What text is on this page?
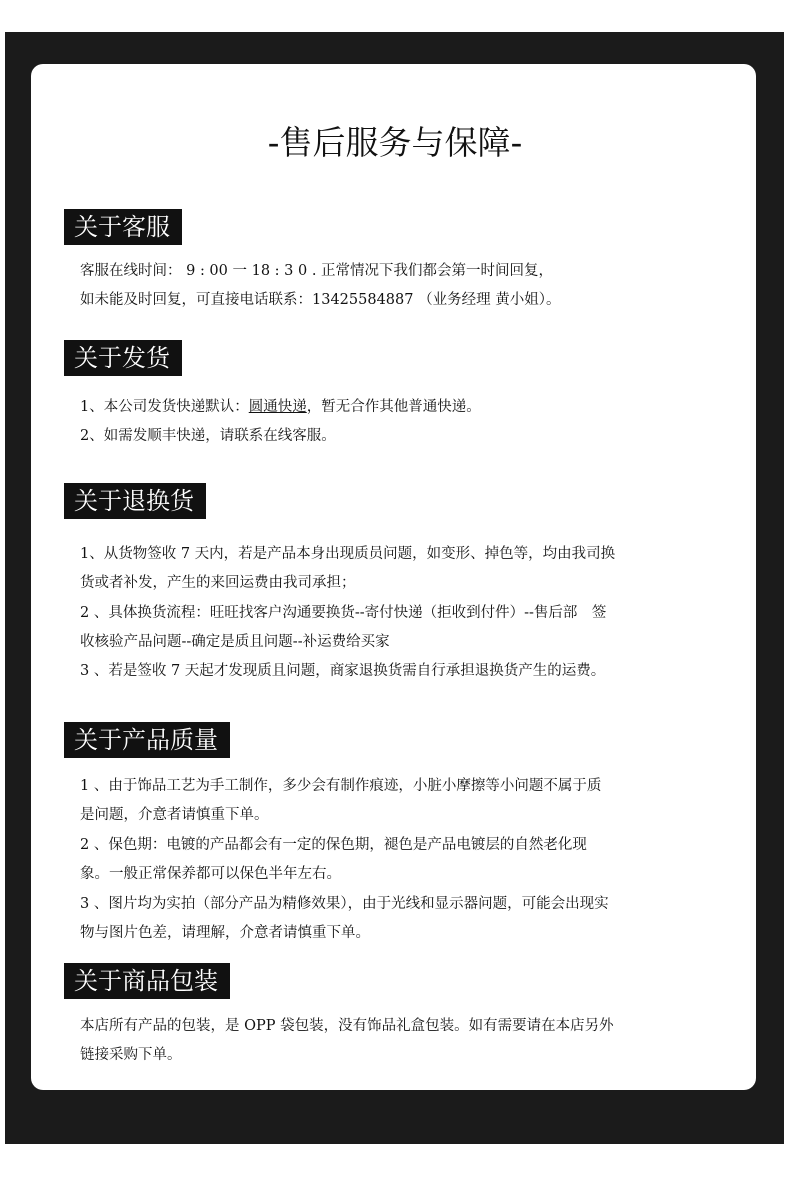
-售后服务与保障-
关于客服
客服在线时间： 9 : 00 一 18 : 3 0 . 正常情况下我们都会第一时间回复，
如未能及时回复，可直接电话联系：13425584887 （业务经理 黄小姐）。
关于发货
1、本公司发货快递默认：圆通快递，暂无合作其他普通快递。
2、如需发顺丰快递，请联系在线客服。
关于退换货
1、从货物签收 7 天内，若是产品本身出现质员问题，如变形、掉色等，均由我司换
货或者补发，产生的来回运费由我司承担；
2 、具体换货流程：旺旺找客户沟通要换货--寄付快递（拒收到付件）--售后部　签
收核验产品问题--确定是质且问题--补运费给买家
3 、若是签收 7 天起才发现质且问题，商家退换货需自行承担退换货产生的运费。
关于产品质量
1 、由于饰品工艺为手工制作，多少会有制作痕迹，小脏小摩擦等小问题不属于质
是问题，介意者请慎重下单。
2 、保色期：电镀的产品都会有一定的保色期，褪色是产品电镀层的自然老化现
象。一般正常保养都可以保色半年左右。
3 、图片均为实拍（部分产品为精修效果），由于光线和显示器问题，可能会出现实
物与图片色差，请理解，介意者请慎重下单。
关于商品包装
本店所有产品的包装，是 OPP 袋包装，没有饰品礼盒包装。如有需要请在本店另外
链接采购下单。
